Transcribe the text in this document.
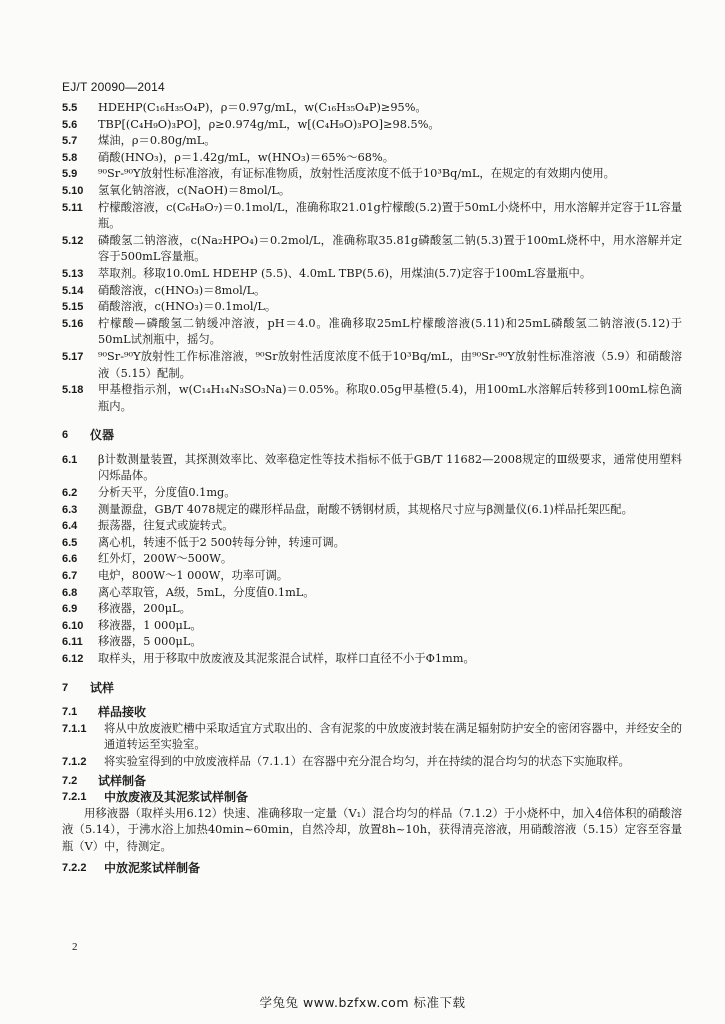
EJ/T 20090—2014
5.5	HDEHP(C₁₆H₃₅O₄P)，ρ＝0.97g/mL，w(C₁₆H₃₅O₄P)≥95%。
5.6	TBP[(C₄H₉O)₃PO]，ρ≥0.974g/mL，w[(C₄H₉O)₃PO]≥98.5%。
5.7	煤油，ρ＝0.80g/mL。
5.8	硝酸(HNO₃)，ρ＝1.42g/mL，w(HNO₃)＝65%～68%。
5.9	⁹⁰Sr-⁹⁰Y放射性标准溶液，有证标准物质，放射性活度浓度不低于10³Bq/mL，在规定的有效期内使用。
5.10	氢氧化钠溶液，c(NaOH)＝8mol/L。
5.11	柠檬酸溶液，c(C₆H₈O₇)＝0.1mol/L，准确称取21.01g柠檬酸(5.2)置于50mL小烧杯中，用水溶解并定容于1L容量瓶。
5.12	磷酸氢二钠溶液，c(Na₂HPO₄)＝0.2mol/L，准确称取35.81g磷酸氢二钠(5.3)置于100mL烧杯中，用水溶解并定容于500mL容量瓶。
5.13	萃取剂。移取10.0mL HDEHP (5.5)、4.0mL TBP(5.6)，用煤油(5.7)定容于100mL容量瓶中。
5.14	硝酸溶液，c(HNO₃)＝8mol/L。
5.15	硝酸溶液，c(HNO₃)＝0.1mol/L。
5.16	柠檬酸—磷酸氢二钠缓冲溶液，pH＝4.0。准确移取25mL柠檬酸溶液(5.11)和25mL磷酸氢二钠溶液(5.12)于50mL试剂瓶中，摇匀。
5.17	⁹⁰Sr-⁹⁰Y放射性工作标准溶液，⁹⁰Sr放射性活度浓度不低于10³Bq/mL，由⁹⁰Sr-⁹⁰Y放射性标准溶液（5.9）和硝酸溶液（5.15）配制。
5.18	甲基橙指示剂，w(C₁₄H₁₄N₃SO₃Na)＝0.05%。称取0.05g甲基橙(5.4)，用100mL水溶解后转移到100mL棕色滴瓶内。
6	仪器
6.1	β计数测量装置，其探测效率比、效率稳定性等技术指标不低于GB/T 11682—2008规定的Ⅲ级要求，通常使用塑料闪烁晶体。
6.2	分析天平，分度值0.1mg。
6.3	测量源盘，GB/T 4078规定的碟形样品盘，耐酸不锈钢材质，其规格尺寸应与β测量仪(6.1)样品托架匹配。
6.4	振荡器，往复式或旋转式。
6.5	离心机，转速不低于2 500转每分钟，转速可调。
6.6	红外灯，200W～500W。
6.7	电炉，800W～1 000W，功率可调。
6.8	离心萃取管，A级，5mL，分度值0.1mL。
6.9	移液器，200μL。
6.10	移液器，1 000μL。
6.11	移液器，5 000μL。
6.12	取样头，用于移取中放废液及其泥浆混合试样，取样口直径不小于Φ1mm。
7	试样
7.1	样品接收
7.1.1	将从中放废液贮槽中采取适宜方式取出的、含有泥浆的中放废液封装在满足辐射防护安全的密闭容器中，并经安全的通道转运至实验室。
7.1.2	将实验室得到的中放废液样品（7.1.1）在容器中充分混合均匀，并在持续的混合均匀的状态下实施取样。
7.2	试样制备
7.2.1	中放废液及其泥浆试样制备

用移液器（取样头用6.12）快速、准确移取一定量（V₁）混合均匀的样品（7.1.2）于小烧杯中，加入4倍体积的硝酸溶液（5.14），于沸水浴上加热40min~60min，自然冷却，放置8h~10h，获得清亮溶液，用硝酸溶液（5.15）定容至容量瓶（V）中，待测定。

7.2.2	中放泥浆试样制备
2
学兔兔 www.bzfxw.com 标准下载
